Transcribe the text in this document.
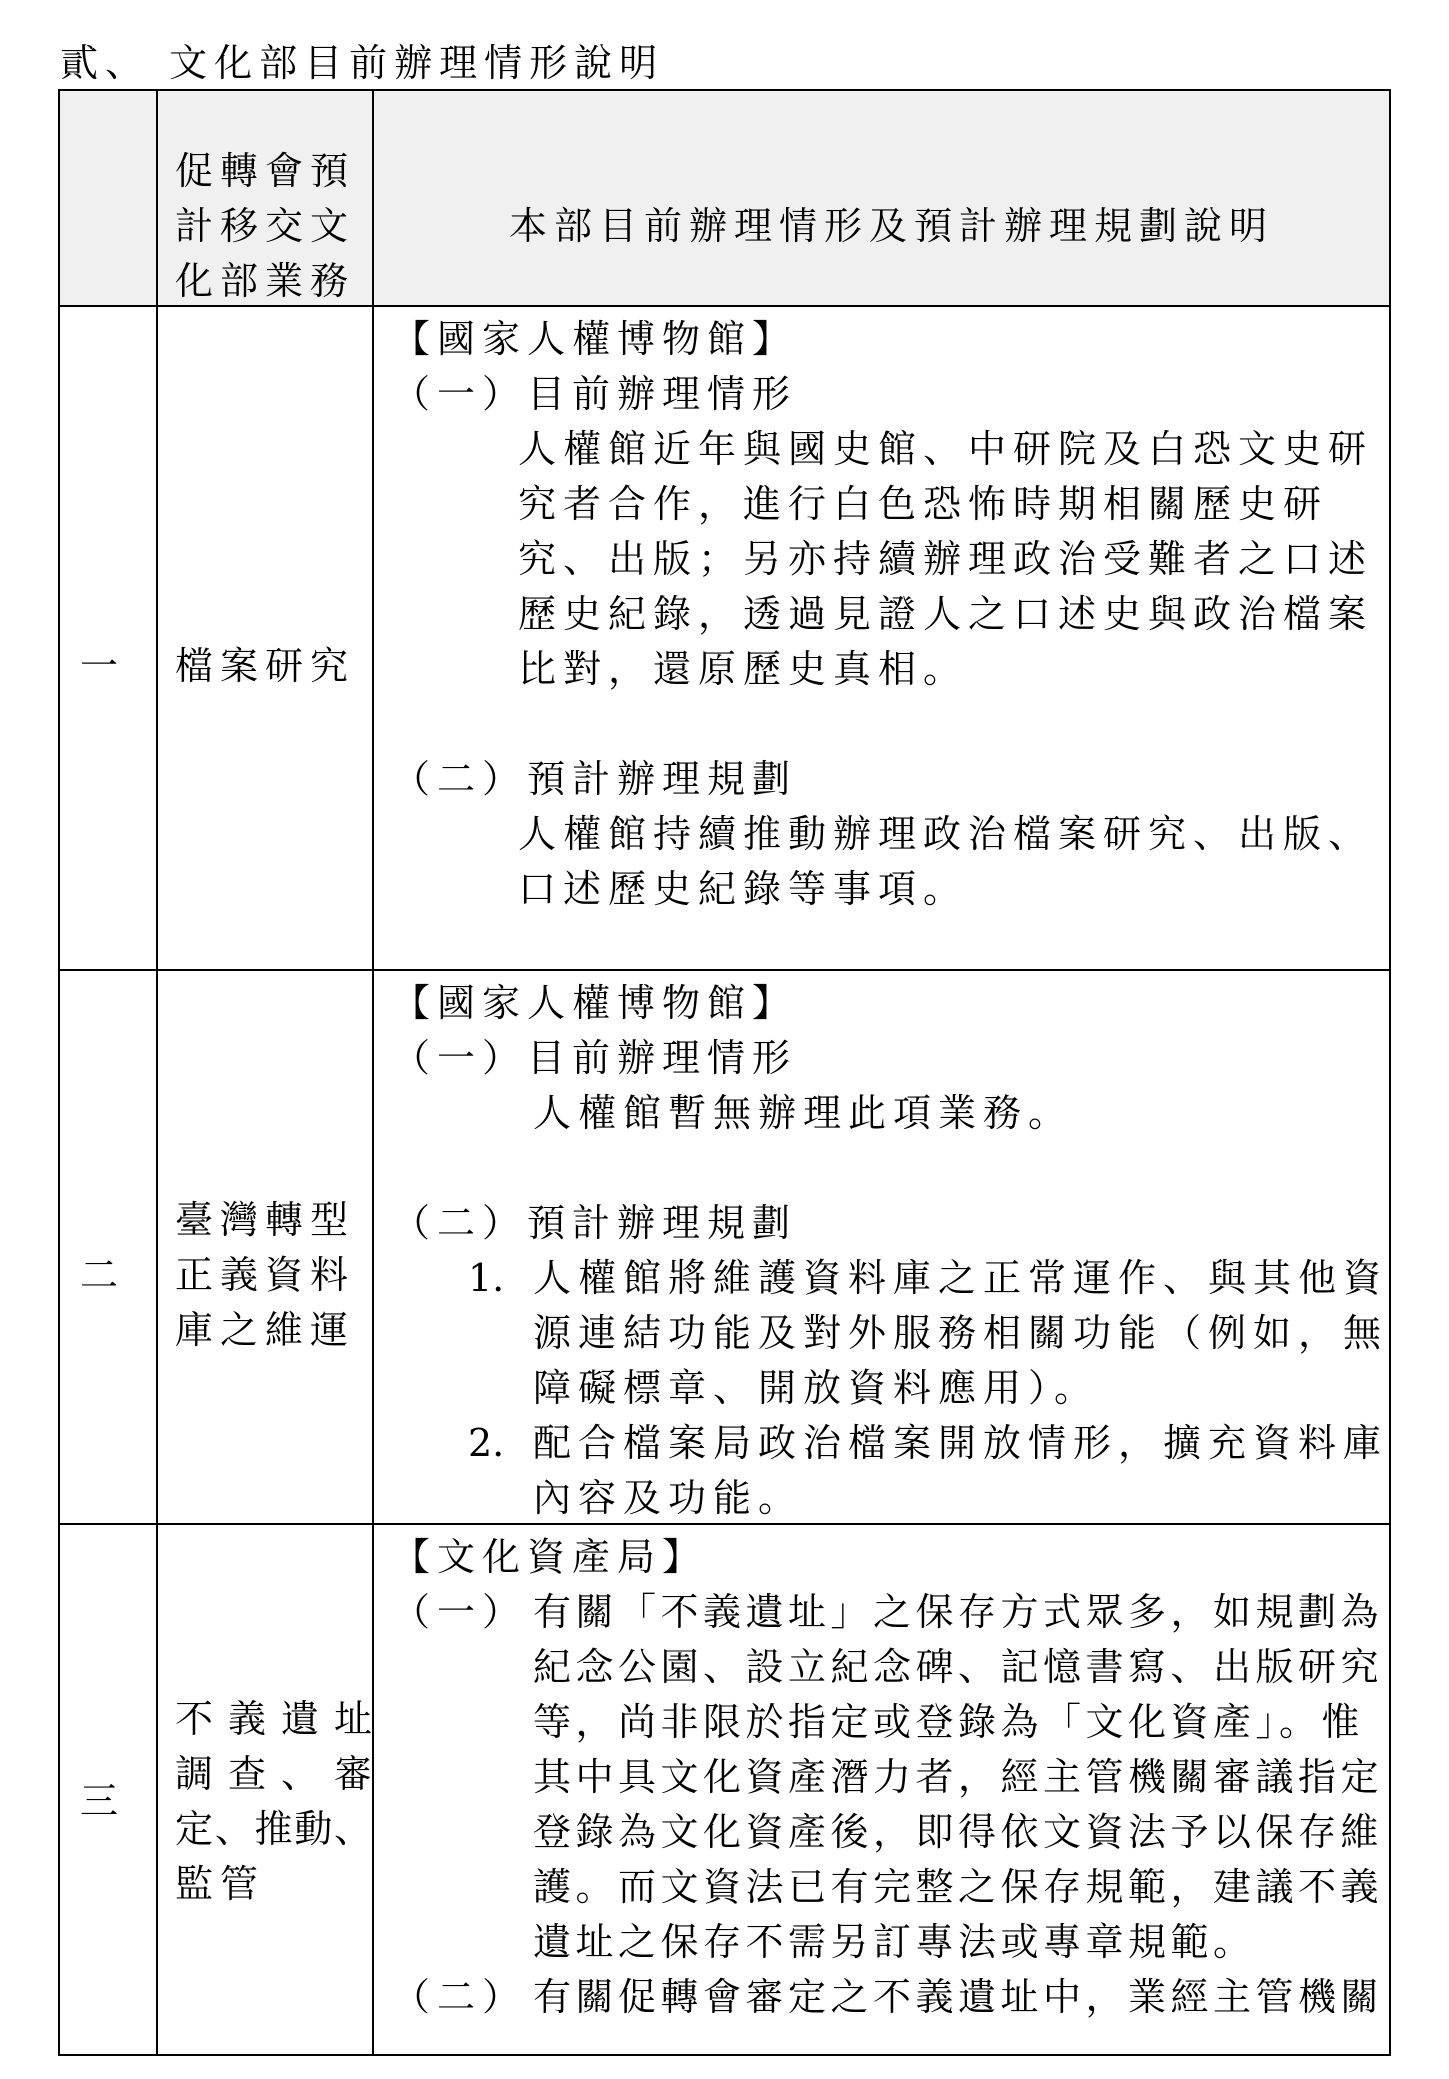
貳、 文化部目前辦理情形說明
促轉會預
計移交文
化部業務
本部目前辦理情形及預計辦理規劃說明
一	檔案研究
【國家人權博物館】
（一）目前辦理情形
人權館近年與國史館、中研院及白恐文史研
究者合作，進行白色恐怖時期相關歷史研
究、出版；另亦持續辦理政治受難者之口述
歷史紀錄，透過見證人之口述史與政治檔案
比對，還原歷史真相。
（二）預計辦理規劃
人權館持續推動辦理政治檔案研究、出版、
口述歷史紀錄等事項。
二
臺灣轉型
正義資料
庫之維運
【國家人權博物館】
（一）目前辦理情形
人權館暫無辦理此項業務。
（二）預計辦理規劃
1. 人權館將維護資料庫之正常運作、與其他資
源連結功能及對外服務相關功能（例如，無
障礙標章、開放資料應用）。
2. 配合檔案局政治檔案開放情形，擴充資料庫
內容及功能。
三
不義遺址
調查、審
定、推動、
監管
【文化資產局】
（一） 有關「不義遺址」之保存方式眾多，如規劃為
紀念公園、設立紀念碑、記憶書寫、出版研究
等，尚非限於指定或登錄為「文化資產」。惟
其中具文化資產潛力者，經主管機關審議指定
登錄為文化資產後，即得依文資法予以保存維
護。而文資法已有完整之保存規範，建議不義
遺址之保存不需另訂專法或專章規範。
（二） 有關促轉會審定之不義遺址中，業經主管機關
